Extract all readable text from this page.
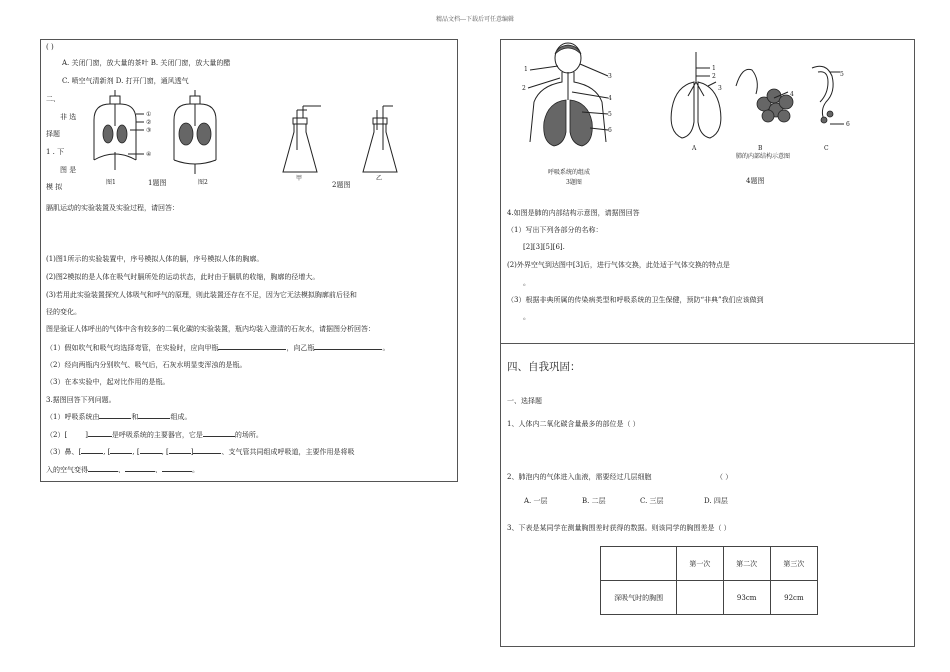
精品文档---下载后可任意编辑
( )
A. 关闭门窗，放大量的茶叶 B. 关闭门窗，放大量的醋
C. 喷空气清新剂 D. 打开门窗，通风透气
二、
非 选
择题
1 . 下
图 是
模 拟
①
②
③
④
图1	1题图	图2
甲	乙
2题图
膈肌运动的实验装置及实验过程，请回答：
(1)图1所示的实验装置中，序号模拟人体的膈，序号模拟人体的胸廓。
(2)图2模拟的是人体在吸气时膈所处的运动状态，此时由于膈肌的收缩，胸廓的径增大。
(3)若用此实验装置探究人体吸气和呼气的原理，则此装置还存在不足，因为它无法模拟胸廓前后径和
径的变化。
图是验证人体呼出的气体中含有较多的二氧化碳的实验装置，瓶内均装入澄清的石灰水，请据图分析回答：
（1）假如吹气和吸气均选择弯管，在实验时，应向甲瓶	，向乙瓶	。
（2）经向两瓶内分别吹气、吸气后，石灰水明显变浑浊的是瓶。
（3）在本实验中，起对比作用的是瓶。
3.据图回答下列问题。
（1）呼吸系统由	和	组成。
（2）[	]	是呼吸系统的主要器官，它是	的场所。
（3）鼻、[	, [	, [	, [	]	、支气管共同组成呼吸道，主要作用是将吸
入的空气变得	、	、	。
1
2
3
4
5
6
呼吸系统的组成
3题图
1
2
3
4
5
6
A	B	C
肺的内部结构示意图
4题图
4.如图是肺的内部结构示意图，请据图回答
（1）写出下列各部分的名称：
[2][3][5][6].
(2)外界空气到达图中[3]后，进行气体交换，此处适于气体交换的特点是
。
（3）根据非典所属的传染病类型和呼吸系统的卫生保健，预防“非典”我们应该做到
。
四、自我巩固：
一、选择题
1、人体内二氧化碳含量最多的部位是（ ）
2、肺泡内的气体进入血液，需要经过几层细胞	（ ）
A. 一层	B. 二层	C. 三层	D. 四层
3、下表是某同学在测量胸围差时获得的数据。则该同学的胸围差是（ ）
	第一次	第二次	第三次
深吸气时的胸围		93cm	92cm
